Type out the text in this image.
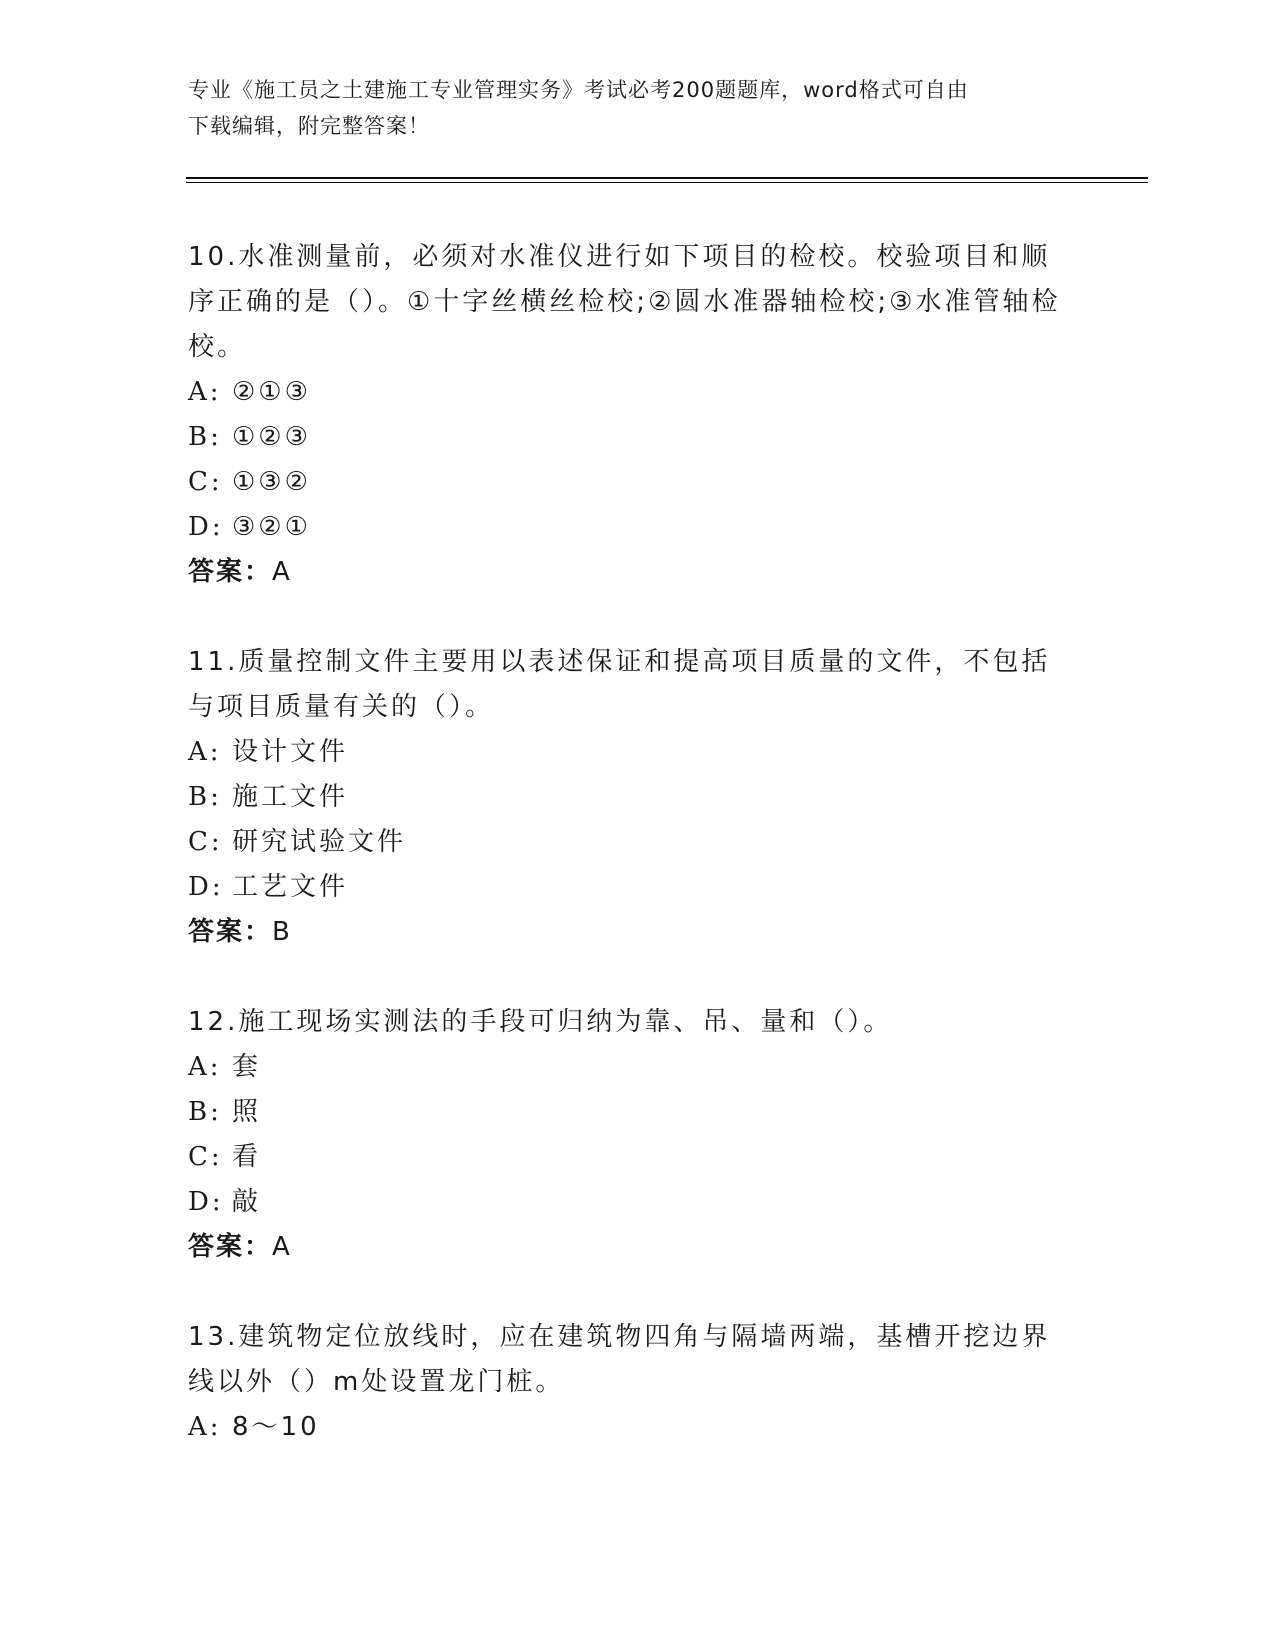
专业《施工员之土建施工专业管理实务》考试必考200题题库，word格式可自由
下载编辑，附完整答案！

10.水准测量前，必须对水准仪进行如下项目的检校。校验项目和顺序正确的是（）。①十字丝横丝检校;②圆水准器轴检校;③水准管轴检校。

A: ②①③
B: ①②③
C: ①③②
D: ③②①

答案：A

11.质量控制文件主要用以表述保证和提高项目质量的文件，不包括与项目质量有关的（）。

A: 设计文件
B: 施工文件
C: 研究试验文件
D: 工艺文件

答案：B

12.施工现场实测法的手段可归纳为靠、吊、量和（）。

A: 套
B: 照
C: 看
D: 敲

答案：A

13.建筑物定位放线时，应在建筑物四角与隔墙两端，基槽开挖边界线以外（）m处设置龙门桩。

A: 8～10
